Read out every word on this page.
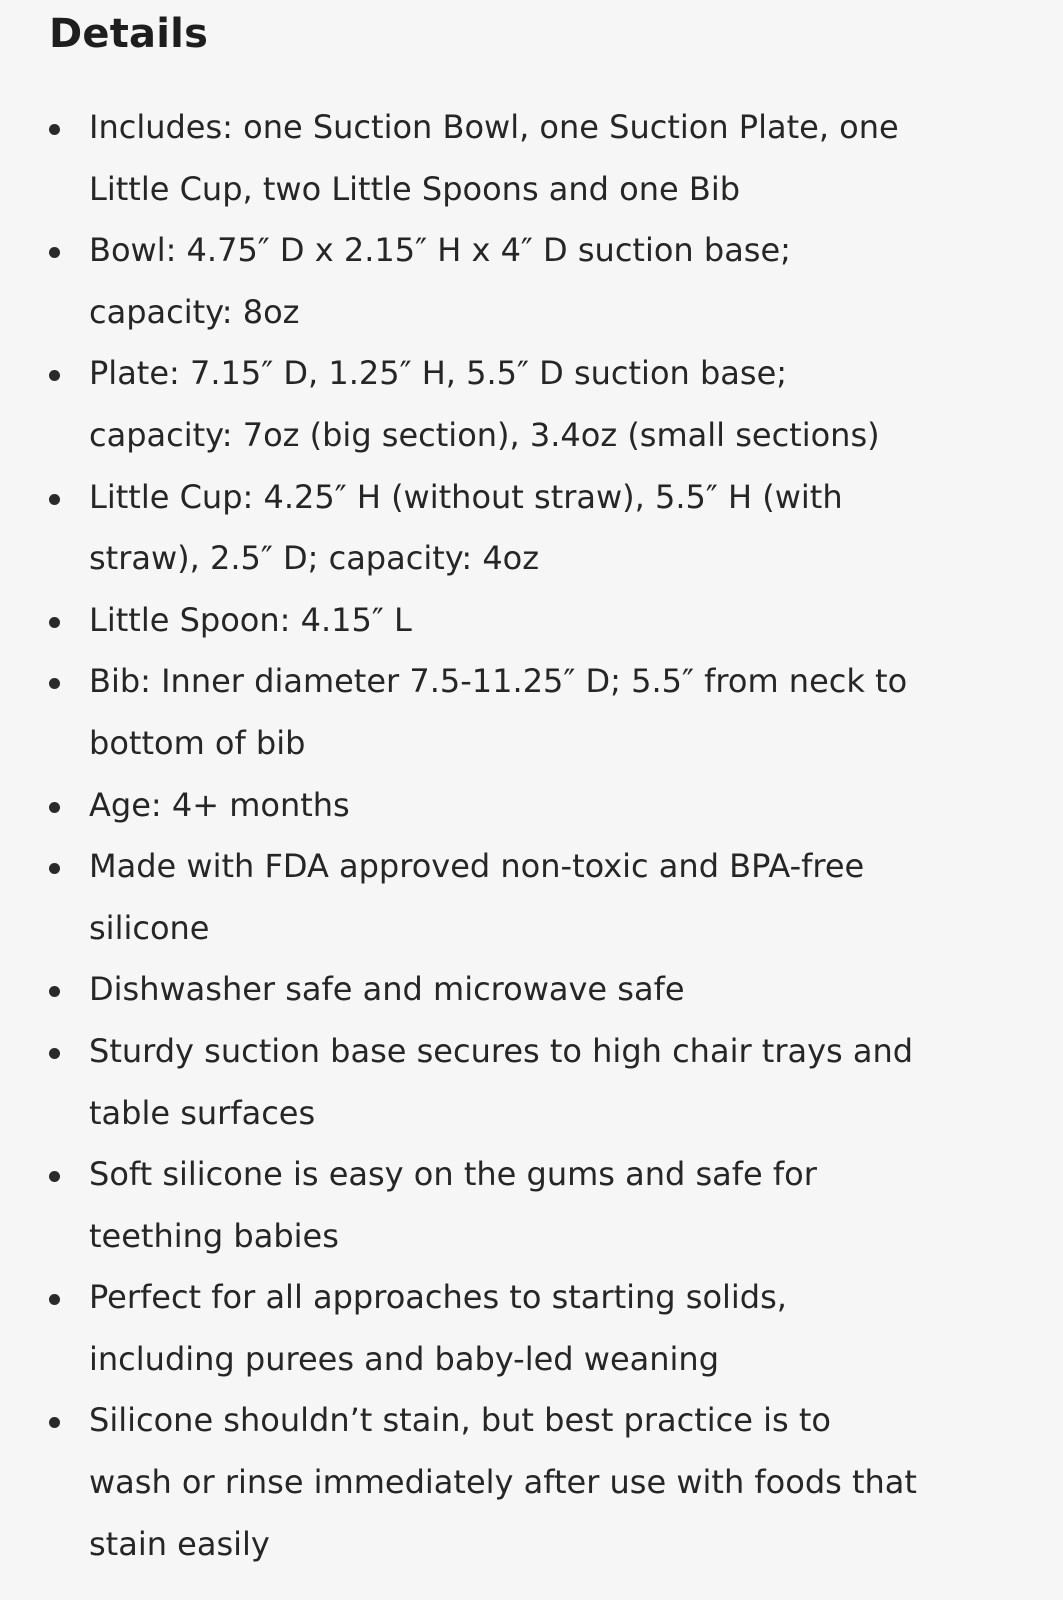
Details
Includes: one Suction Bowl, one Suction Plate, one
Little Cup, two Little Spoons and one Bib
Bowl: 4.75″ D x 2.15″ H x 4″ D suction base;
capacity: 8oz
Plate: 7.15″ D, 1.25″ H, 5.5″ D suction base;
capacity: 7oz (big section), 3.4oz (small sections)
Little Cup: 4.25″ H (without straw), 5.5″ H (with
straw), 2.5″ D; capacity: 4oz
Little Spoon: 4.15″ L
Bib: Inner diameter 7.5-11.25″ D; 5.5″ from neck to
bottom of bib
Age: 4+ months
Made with FDA approved non-toxic and BPA-free
silicone
Dishwasher safe and microwave safe
Sturdy suction base secures to high chair trays and
table surfaces
Soft silicone is easy on the gums and safe for
teething babies
Perfect for all approaches to starting solids,
including purees and baby-led weaning
Silicone shouldn’t stain, but best practice is to
wash or rinse immediately after use with foods that
stain easily
